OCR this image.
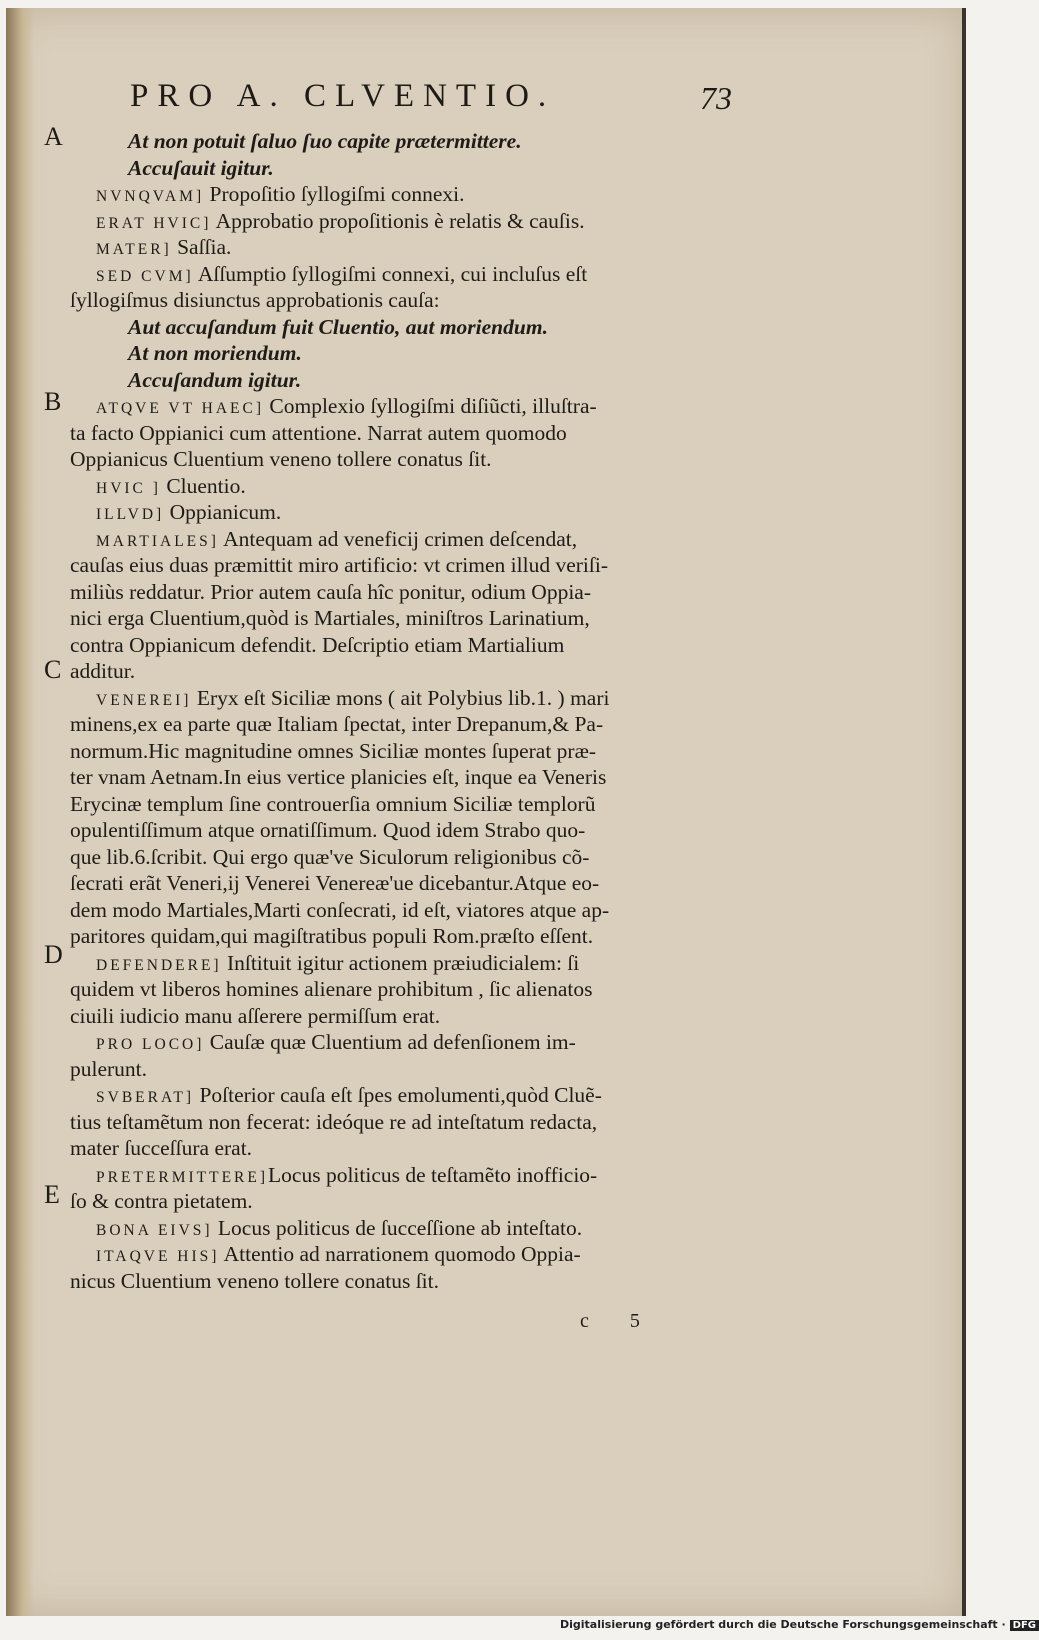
PRO A. CLVENTIO.	73
A
B
C
D
E
At non potuit ſaluo ſuo capite prætermittere.
Accuſauit igitur.
NVNQVAM] Propoſitio ſyllogiſmi connexi.
ERAT HVIC] Approbatio propoſitionis è relatis & cauſis.
MATER] Saſſia.
SED CVM] Aſſumptio ſyllogiſmi connexi, cui incluſus eſt
ſyllogiſmus disiunctus approbationis cauſa:
Aut accuſandum fuit Cluentio, aut moriendum.
At non moriendum.
Accuſandum igitur.
ATQVE VT HAEC] Complexio ſyllogiſmi diſiũcti, illuſtra-
ta facto Oppianici cum attentione. Narrat autem quomodo
Oppianicus Cluentium veneno tollere conatus ſit.
HVIC ] Cluentio.
ILLVD] Oppianicum.
MARTIALES] Antequam ad veneficij crimen deſcendat,
cauſas eius duas præmittit miro artificio: vt crimen illud veriſi-
miliùs reddatur. Prior autem cauſa hîc ponitur, odium Oppia-
nici erga Cluentium,quòd is Martiales, miniſtros Larinatium,
contra Oppianicum defendit. Deſcriptio etiam Martialium
additur.
VENEREI] Eryx eſt Siciliæ mons ( ait Polybius lib.1. ) mari
minens,ex ea parte quæ Italiam ſpectat, inter Drepanum,& Pa-
normum.Hic magnitudine omnes Siciliæ montes ſuperat præ-
ter vnam Aetnam.In eius vertice planicies eſt, inque ea Veneris
Erycinæ templum ſine controuerſia omnium Siciliæ templorũ
opulentiſſimum atque ornatiſſimum. Quod idem Strabo quo-
que lib.6.ſcribit. Qui ergo quæ've Siculorum religionibus cõ-
ſecrati erãt Veneri,ij Venerei Venereæ'ue dicebantur.Atque eo-
dem modo Martiales,Marti conſecrati, id eſt, viatores atque ap-
paritores quidam,qui magiſtratibus populi Rom.præſto eſſent.
DEFENDERE] Inſtituit igitur actionem præiudicialem: ſi
quidem vt liberos homines alienare prohibitum , ſic alienatos
ciuili iudicio manu aſſerere permiſſum erat.
PRO LOCO] Cauſæ quæ Cluentium ad defenſionem im-
pulerunt.
SVBERAT] Poſterior cauſa eſt ſpes emolumenti,quòd Cluẽ-
tius teſtamẽtum non fecerat: ideóque re ad inteſtatum redacta,
mater ſucceſſura erat.
PRETERMITTERE]Locus politicus de teſtamẽto inofficio-
ſo & contra pietatem.
BONA EIVS] Locus politicus de ſucceſſione ab inteſtato.
ITAQVE HIS] Attentio ad narrationem quomodo Oppia-
nicus Cluentium veneno tollere conatus ſit.
c 5
Digitalisierung gefördert durch die Deutsche Forschungsgemeinschaft · DFG
